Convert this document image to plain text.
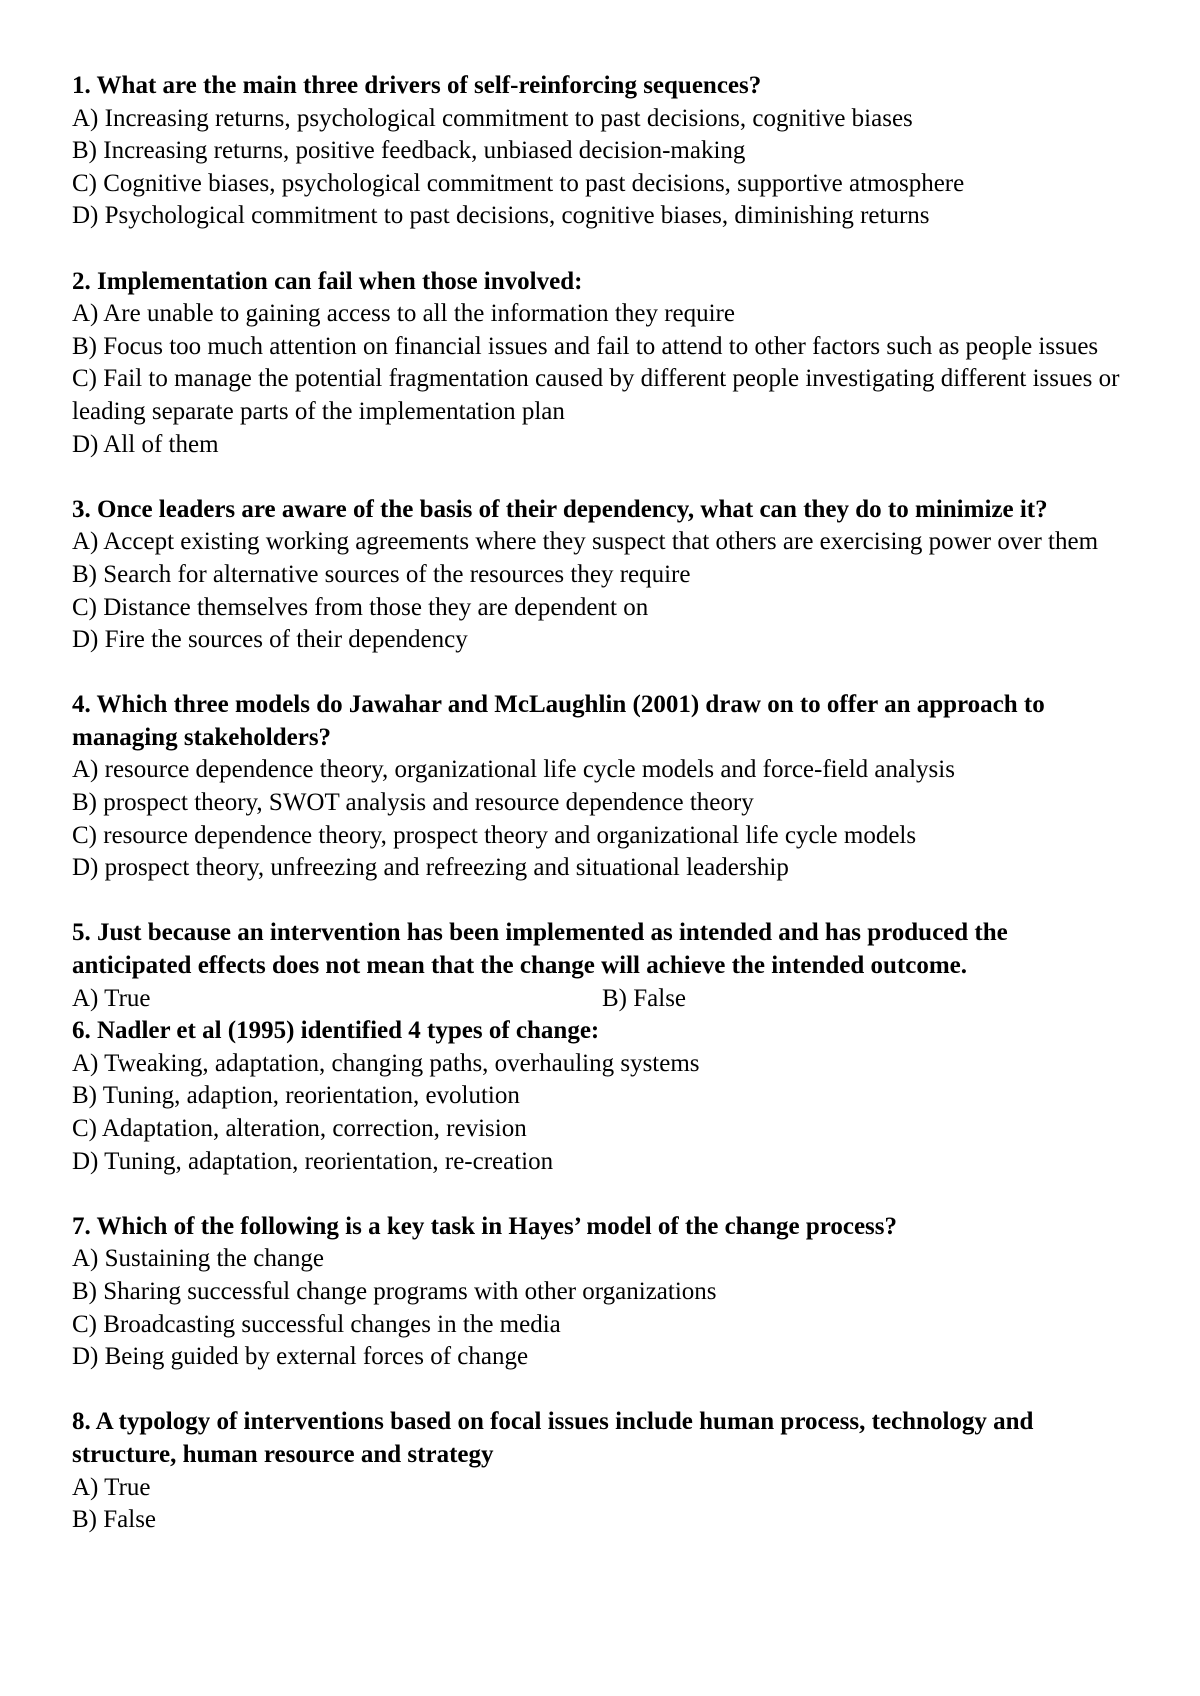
1. What are the main three drivers of self-reinforcing sequences?
A) Increasing returns, psychological commitment to past decisions, cognitive biases
B) Increasing returns, positive feedback, unbiased decision-making
C) Cognitive biases, psychological commitment to past decisions, supportive atmosphere
D) Psychological commitment to past decisions, cognitive biases, diminishing returns
2. Implementation can fail when those involved:
A) Are unable to gaining access to all the information they require
B) Focus too much attention on financial issues and fail to attend to other factors such as people issues
C) Fail to manage the potential fragmentation caused by different people investigating different issues or leading separate parts of the implementation plan
D) All of them
3. Once leaders are aware of the basis of their dependency, what can they do to minimize it?
A) Accept existing working agreements where they suspect that others are exercising power over them
B) Search for alternative sources of the resources they require
C) Distance themselves from those they are dependent on
D) Fire the sources of their dependency
4. Which three models do Jawahar and McLaughlin (2001) draw on to offer an approach to managing stakeholders?
A) resource dependence theory, organizational life cycle models and force-field analysis
B) prospect theory, SWOT analysis and resource dependence theory
C) resource dependence theory, prospect theory and organizational life cycle models
D) prospect theory, unfreezing and refreezing and situational leadership
5. Just because an intervention has been implemented as intended and has produced the anticipated effects does not mean that the change will achieve the intended outcome.
A) True	B) False
6. Nadler et al (1995) identified 4 types of change:
A) Tweaking, adaptation, changing paths, overhauling systems
B) Tuning, adaption, reorientation, evolution
C) Adaptation, alteration, correction, revision
D) Tuning, adaptation, reorientation, re-creation
7. Which of the following is a key task in Hayes’ model of the change process?
A) Sustaining the change
B) Sharing successful change programs with other organizations
C) Broadcasting successful changes in the media
D) Being guided by external forces of change
8. A typology of interventions based on focal issues include human process, technology and structure, human resource and strategy
A) True
B) False
